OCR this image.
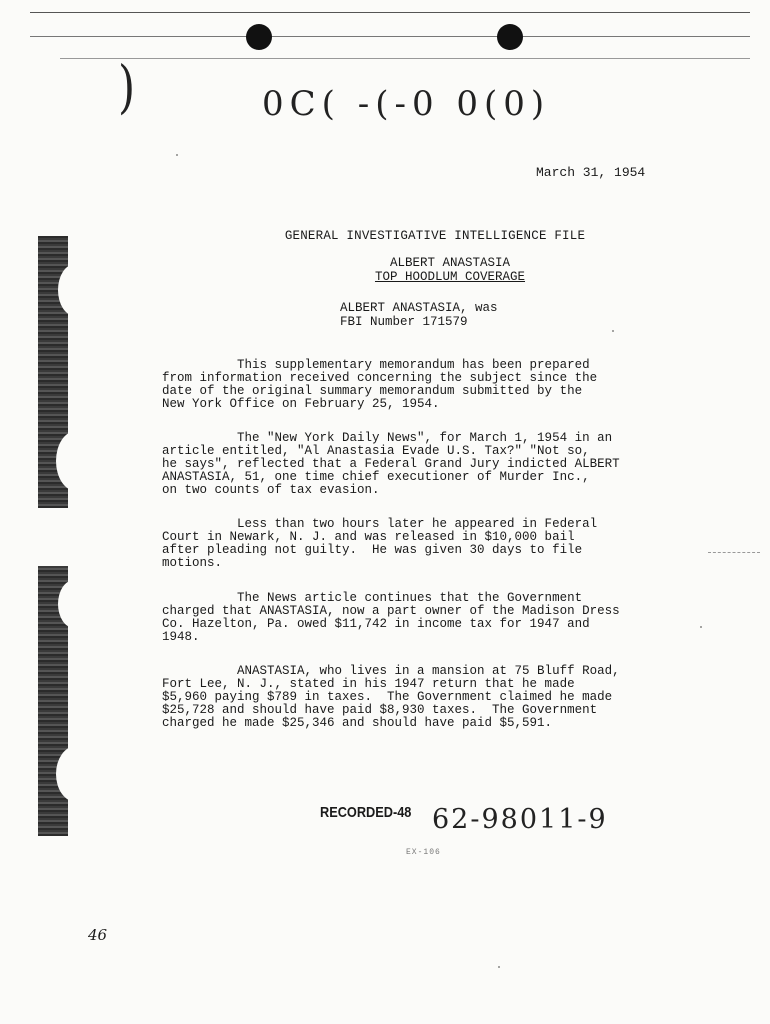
)	0C( -(-0 0(0)
March 31, 1954
GENERAL INVESTIGATIVE INTELLIGENCE FILE
ALBERT ANASTASIA
TOP HOODLUM COVERAGE
ALBERT ANASTASIA, was
FBI Number 171579

This supplementary memorandum has been prepared
from information received concerning the subject since the
date of the original summary memorandum submitted by the
New York Office on February 25, 1954.

The "New York Daily News", for March 1, 1954 in an
article entitled, "Al Anastasia Evade U.S. Tax?" "Not so,
he says", reflected that a Federal Grand Jury indicted ALBERT
ANASTASIA, 51, one time chief executioner of Murder Inc.,
on two counts of tax evasion.

Less than two hours later he appeared in Federal
Court in Newark, N. J. and was released in $10,000 bail
after pleading not guilty.  He was given 30 days to file
motions.

The News article continues that the Government
charged that ANASTASIA, now a part owner of the Madison Dress
Co. Hazelton, Pa. owed $11,742 in income tax for 1947 and
1948.

ANASTASIA, who lives in a mansion at 75 Bluff Road,
Fort Lee, N. J., stated in his 1947 return that he made
$5,960 paying $789 in taxes.  The Government claimed he made
$25,728 and should have paid $8,930 taxes.  The Government
charged he made $25,346 and should have paid $5,591.

RECORDED-48 62-98011-9
EX-106
46
